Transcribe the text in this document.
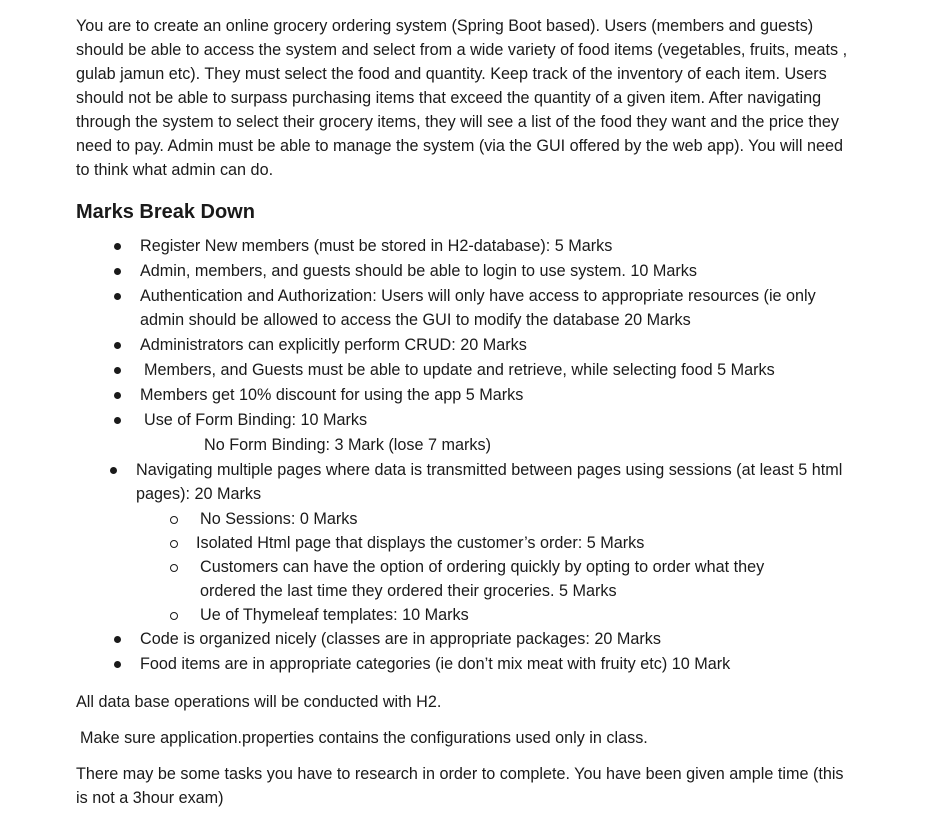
You are to create an online grocery ordering system (Spring Boot based). Users (members and guests) should be able to access the system and select from a wide variety of food items (vegetables, fruits, meats , gulab jamun etc). They must select the food and quantity. Keep track of the inventory of each item. Users should not be able to surpass purchasing items that exceed the quantity of a given item. After navigating through the system to select their grocery items, they will see a list of the food they want and the price they need to pay. Admin must be able to manage the system (via the GUI offered by the web app). You will need to think what admin can do.

Marks Break Down
Register New members (must be stored in H2-database): 5 Marks
Admin, members, and guests should be able to login to use system. 10 Marks
Authentication and Authorization: Users will only have access to appropriate resources (ie only admin should be allowed to access the GUI to modify the database 20 Marks
Administrators can explicitly perform CRUD: 20 Marks
Members, and Guests must be able to update and retrieve, while selecting food 5 Marks
Members get 10% discount for using the app 5 Marks
Use of Form Binding: 10 Marks
No Form Binding: 3 Mark (lose 7 marks)
Navigating multiple pages where data is transmitted between pages using sessions (at least 5 html pages): 20 Marks
No Sessions: 0 Marks
Isolated Html page that displays the customer’s order: 5 Marks
Customers can have the option of ordering quickly by opting to order what they ordered the last time they ordered their groceries. 5 Marks
Ue of Thymeleaf templates: 10 Marks
Code is organized nicely (classes are in appropriate packages: 20 Marks
Food items are in appropriate categories (ie don’t mix meat with fruity etc) 10 Mark

All data base operations will be conducted with H2.

Make sure application.properties contains the configurations used only in class.

There may be some tasks you have to research in order to complete. You have been given ample time (this is not a 3hour exam)
